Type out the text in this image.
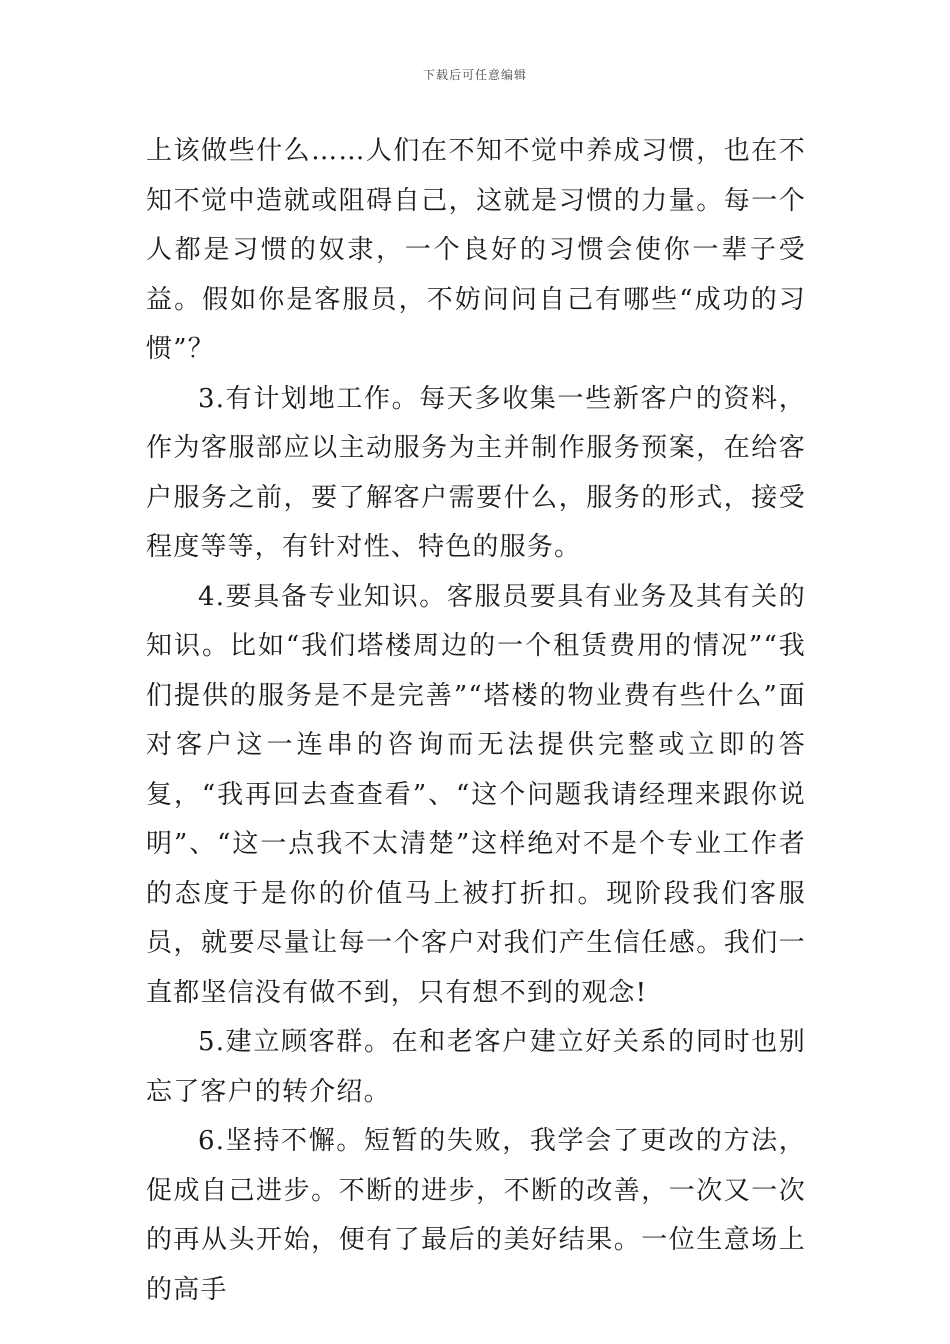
下载后可任意编辑

上该做些什么……人们在不知不觉中养成习惯，也在不知不觉中造就或阻碍自己，这就是习惯的力量。每一个人都是习惯的奴隶，一个良好的习惯会使你一辈子受益。假如你是客服员，不妨问问自己有哪些“成功的习惯”？

3.有计划地工作。每天多收集一些新客户的资料，作为客服部应以主动服务为主并制作服务预案，在给客户服务之前，要了解客户需要什么，服务的形式，接受程度等等，有针对性、特色的服务。

4.要具备专业知识。客服员要具有业务及其有关的知识。比如“我们塔楼周边的一个租赁费用的情况”“我们提供的服务是不是完善”“塔楼的物业费有些什么”面对客户这一连串的咨询而无法提供完整或立即的答复，“我再回去查查看”、“这个问题我请经理来跟你说明”、“这一点我不太清楚”这样绝对不是个专业工作者的态度于是你的价值马上被打折扣。现阶段我们客服员，就要尽量让每一个客户对我们产生信任感。我们一直都坚信没有做不到，只有想不到的观念!

5.建立顾客群。在和老客户建立好关系的同时也别忘了客户的转介绍。

6.坚持不懈。短暂的失败，我学会了更改的方法，促成自己进步。不断的进步，不断的改善，一次又一次的再从头开始，便有了最后的美好结果。一位生意场上的高手
